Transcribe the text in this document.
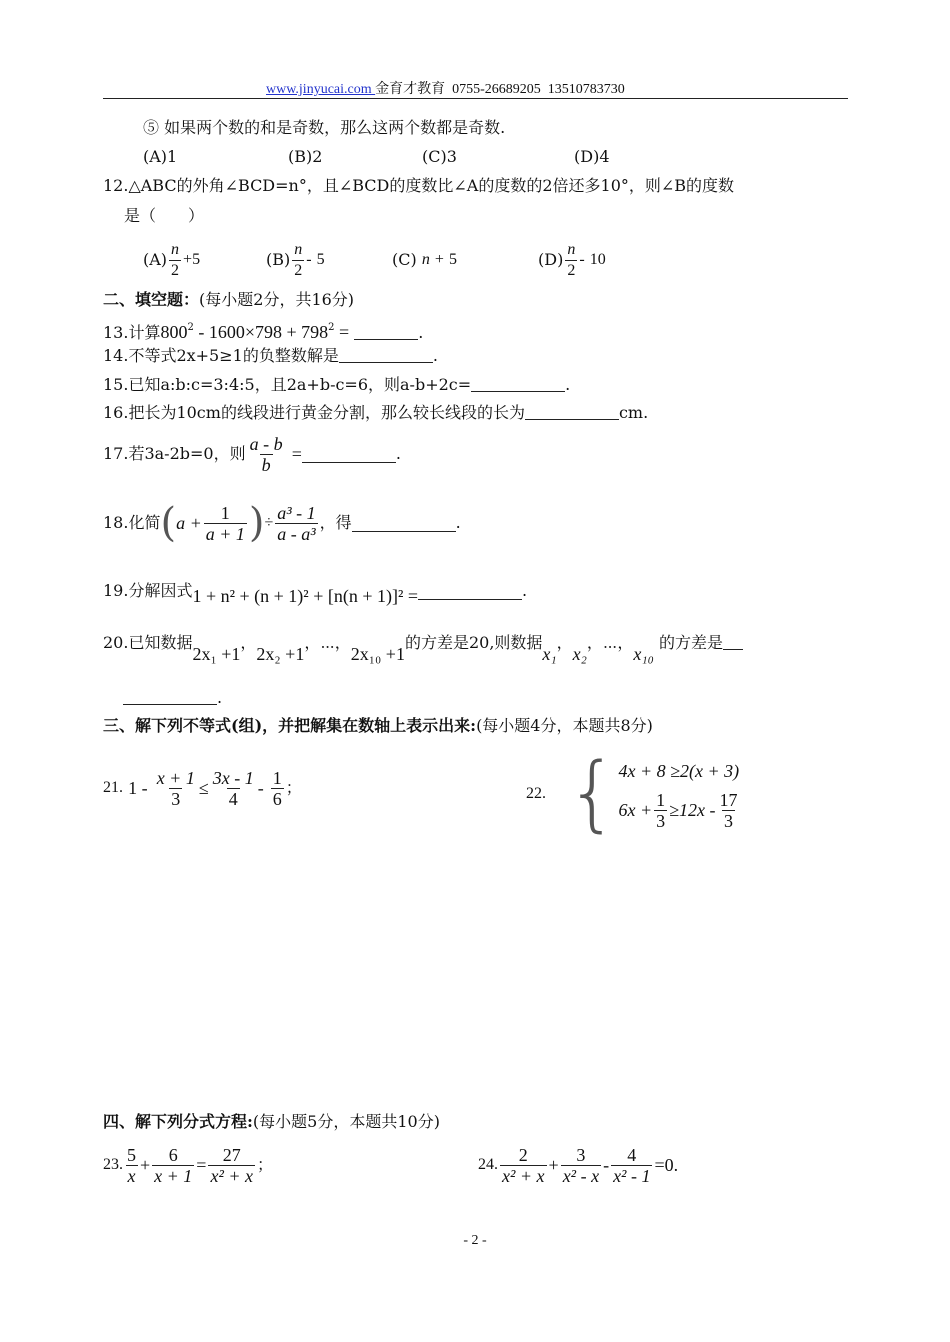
www.jinyucai.com 金育才教育 0755-26689205 13510783730
⑤ 如果两个数的和是奇数，那么这两个数都是奇数.
(A)1	(B)2	(C)3	(D)4
12.△ABC的外角∠BCD=n°，且∠BCD的度数比∠A的度数的2倍还多10°，则∠B的度数
是（　　）
$(A) \frac{n}{2} + 5$	$(B) \frac{n}{2}$ -
5	(C)
n
+
5	$(D) \frac{n}{2}$ -
10
二、填空题：(每小题2分，共16分)
13.计算$800^2 - 1600\times 798 + 798^2$ =	.
14.不等式2x+5≥1的负整数解是	.
15.已知a:b:c=3:4:5，且2a+b-c=6，则a-b+2c=	.
16.把长为10cm的线段进行黄金分割，那么较长线段的长为	cm.
17.若3a-2b=0，则 $\frac{a - b}{b}$
=	.
18.化简 ( $a + \frac{1}{a + 1}$ ) ÷ $\frac{\text{a³ - 1}}{\text{a - a³}}$ ，得	.
19.分解因式 1 + n² + (n + 1)² + [n(n + 1)]² =	.
20.已知数据2x₁ +1，2x₂ +1，⋯，2x₁₀ +1的方差是20,则数据x₁，x₂，⋯，x₁₀ 的方差是
.
三、解下列不等式(组)，并把解集在数轴上表示出来:(每小题4分，本题共8分)
21.
1 -
$\frac{x + 1}{3} \le \frac{3x - 1}{4}$ -
$\frac{1}{6}$ ；	22.
{ 4x + 8 ≥2(x + 3)
$6x + \frac{1}{3} \ge 12x - \frac{17}{3}$
四、解下列分式方程:(每小题5分，本题共10分)
23. $\frac{5}{x} + \frac{6}{x + 1} = \frac{27}{\text{x² + x}}$ ；	24. $\frac{2}{\text{x² + x}} + \frac{3}{\text{x² - x}} - \frac{4}{\text{x² - 1}} =0$ .
- 2 -
